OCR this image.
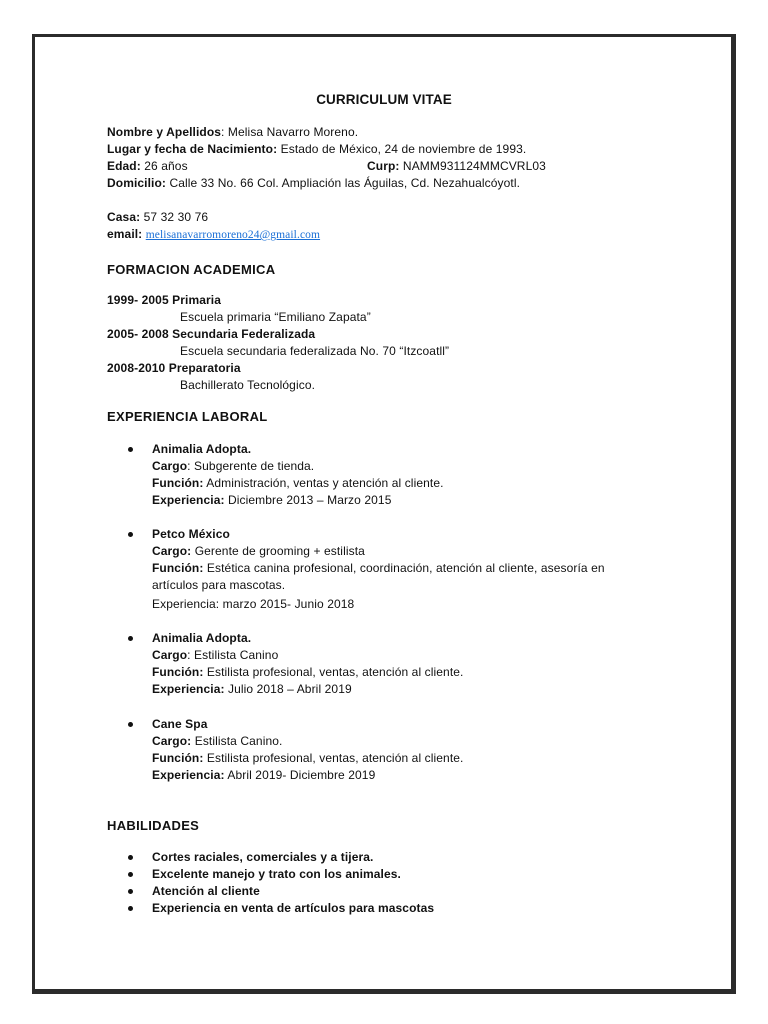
CURRICULUM VITAE
Nombre y Apellidos: Melisa Navarro Moreno.
Lugar y fecha de Nacimiento: Estado de México, 24 de noviembre de 1993.
Edad: 26 años	Curp: NAMM931124MMCVRL03
Domicilio: Calle 33 No. 66 Col. Ampliación las Águilas, Cd. Nezahualcóyotl.
Casa: 57 32 30 76
email: melisanavarromoreno24@gmail.com
FORMACION ACADEMICA
1999- 2005 Primaria
Escuela primaria “Emiliano Zapata”
2005- 2008 Secundaria Federalizada
Escuela secundaria federalizada No. 70 “Itzcoatll”
2008-2010 Preparatoria
Bachillerato Tecnológico.
EXPERIENCIA LABORAL
Animalia Adopta.
Cargo: Subgerente de tienda.
Función: Administración, ventas y atención al cliente.
Experiencia: Diciembre 2013 – Marzo 2015
Petco México
Cargo: Gerente de grooming + estilista
Función: Estética canina profesional, coordinación, atención al cliente, asesoría en
artículos para mascotas.
Experiencia: marzo 2015- Junio 2018
Animalia Adopta.
Cargo: Estilista Canino
Función: Estilista profesional, ventas, atención al cliente.
Experiencia: Julio 2018 – Abril 2019
Cane Spa
Cargo: Estilista Canino.
Función: Estilista profesional, ventas, atención al cliente.
Experiencia: Abril 2019- Diciembre 2019
HABILIDADES
Cortes raciales, comerciales y a tijera.
Excelente manejo y trato con los animales.
Atención al cliente
Experiencia en venta de artículos para mascotas
